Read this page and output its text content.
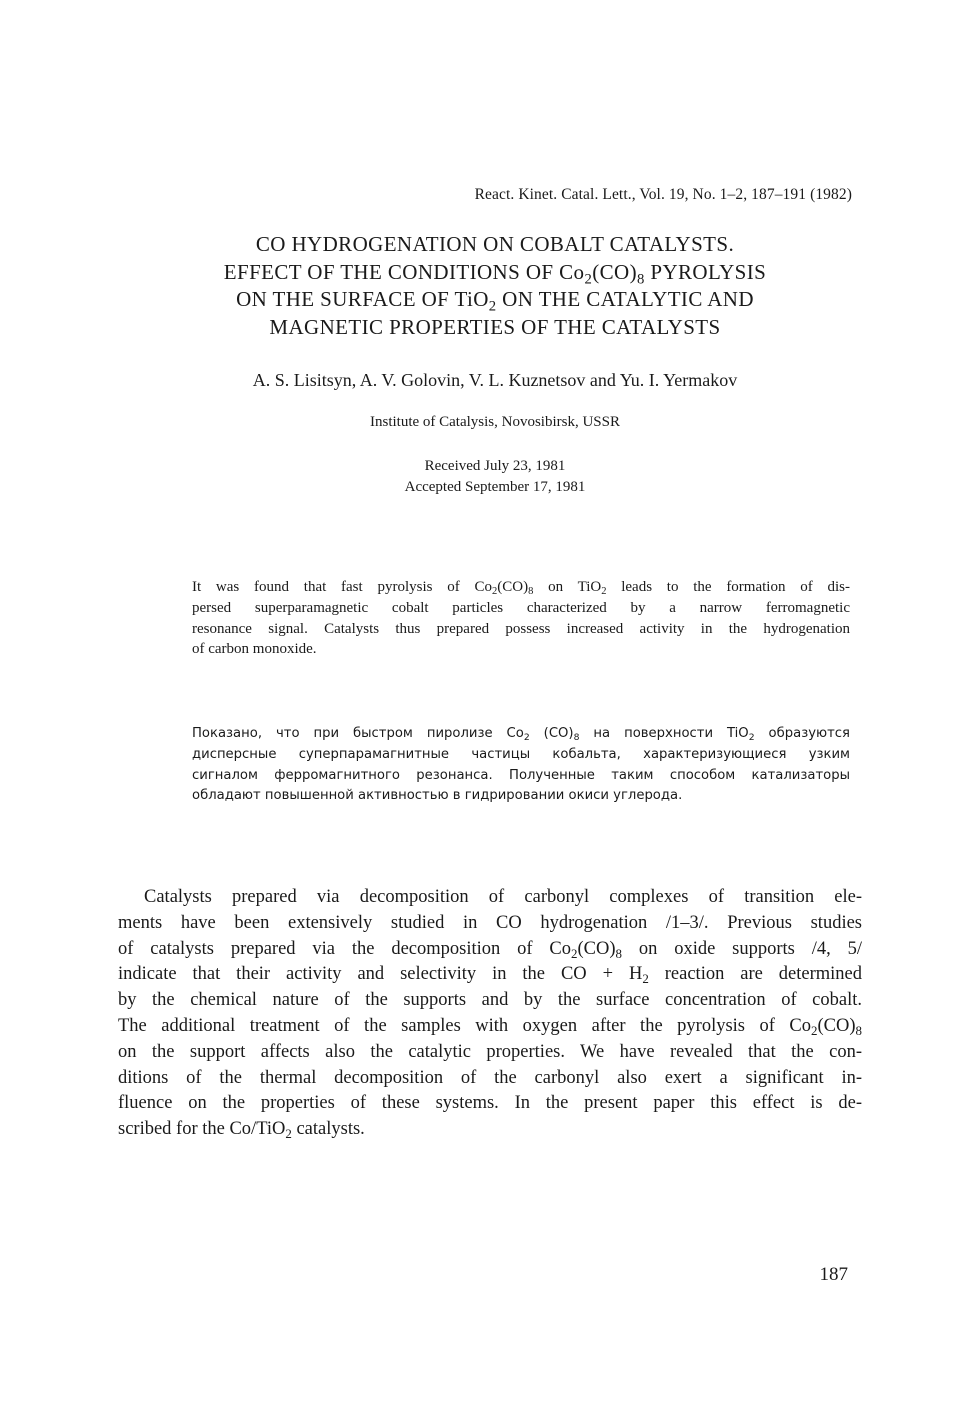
React. Kinet. Catal. Lett., Vol. 19, No. 1–2, 187–191 (1982)
CO HYDROGENATION ON COBALT CATALYSTS.
EFFECT OF THE CONDITIONS OF $Co_2(CO)_8$ PYROLYSIS
ON THE SURFACE OF TiO$_2$ ON THE CATALYTIC AND
MAGNETIC PROPERTIES OF THE CATALYSTS
A. S. Lisitsyn, A. V. Golovin, V. L. Kuznetsov and Yu. I. Yermakov
Institute of Catalysis, Novosibirsk, USSR
Received July 23, 1981
Accepted September 17, 1981
It was found that fast pyrolysis of $Co_2(CO)_8$ on TiO$_2$ leads to the formation of dis-
persed superparamagnetic cobalt particles characterized by a narrow ferromagnetic
resonance signal. Catalysts thus prepared possess increased activity in the hydrogenation
of carbon monoxide.
Показано, что при быстром пиролизе $Co_2$ $(CO)_8$ на поверхности TiO$_2$ образуются
дисперсные суперпарамагнитные частицы кобальта, характеризующиеся узким
сигналом ферромагнитного резонанса. Полученные таким способом катализаторы
обладают повышенной активностью в гидрировании окиси углерода.
Catalysts prepared via decomposition of carbonyl complexes of transition ele-
ments have been extensively studied in CO hydrogenation /1–3/. Previous studies
of catalysts prepared via the decomposition of $Co_2(CO)_8$ on oxide supports /4, 5/
indicate that their activity and selectivity in the CO + $H_2$ reaction are determined
by the chemical nature of the supports and by the surface concentration of cobalt.
The additional treatment of the samples with oxygen after the pyrolysis of $Co_2(CO)_8$
on the support affects also the catalytic properties. We have revealed that the con-
ditions of the thermal decomposition of the carbonyl also exert a significant in-
fluence on the properties of these systems. In the present paper this effect is de-
scribed for the Co/TiO$_2$ catalysts.
187
